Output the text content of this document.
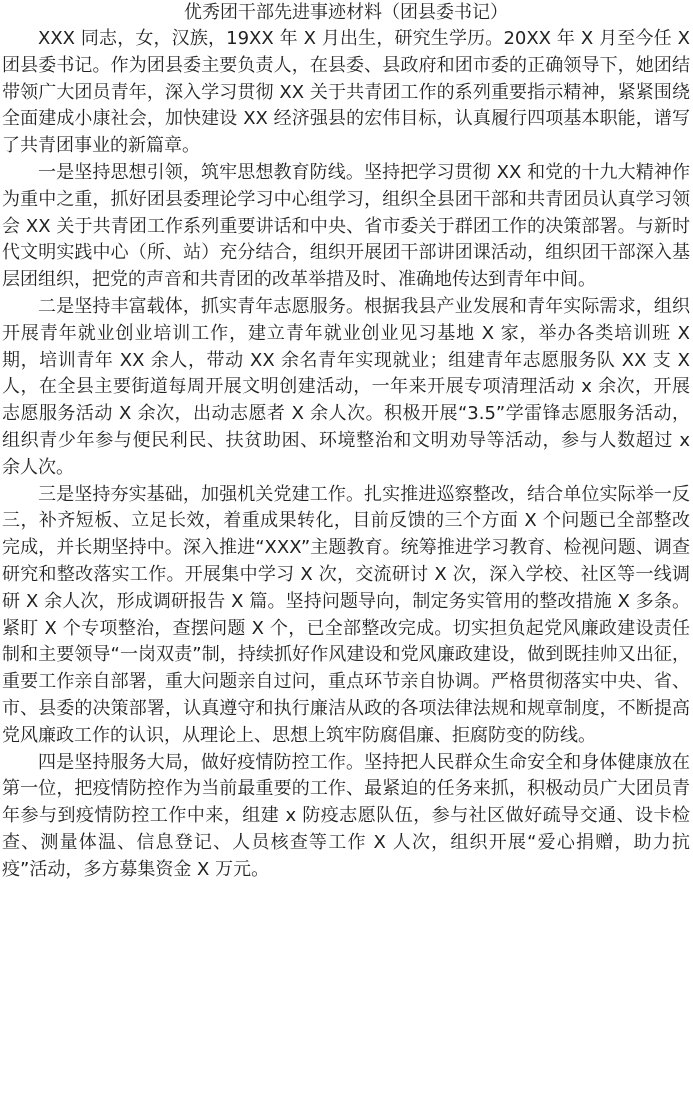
优秀团干部先进事迹材料（团县委书记）

XXX 同志，女，汉族，19XX 年 X 月出生，研究生学历。20XX 年 X 月至今任 X 团县委书记。作为团县委主要负责人，在县委、县政府和团市委的正确领导下，她团结带领广大团员青年，深入学习贯彻 XX 关于共青团工作的系列重要指示精神，紧紧围绕全面建成小康社会，加快建设 XX 经济强县的宏伟目标，认真履行四项基本职能，谱写了共青团事业的新篇章。

一是坚持思想引领，筑牢思想教育防线。坚持把学习贯彻 XX 和党的十九大精神作为重中之重，抓好团县委理论学习中心组学习，组织全县团干部和共青团员认真学习领会 XX 关于共青团工作系列重要讲话和中央、省市委关于群团工作的决策部署。与新时代文明实践中心（所、站）充分结合，组织开展团干部讲团课活动，组织团干部深入基层团组织，把党的声音和共青团的改革举措及时、准确地传达到青年中间。

二是坚持丰富载体，抓实青年志愿服务。根据我县产业发展和青年实际需求，组织开展青年就业创业培训工作，建立青年就业创业见习基地 X 家，举办各类培训班 X 期，培训青年 XX 余人，带动 XX 余名青年实现就业；组建青年志愿服务队 XX 支 X 人，在全县主要街道每周开展文明创建活动，一年来开展专项清理活动 x 余次，开展志愿服务活动 X 余次，出动志愿者 X 余人次。积极开展“3.5”学雷锋志愿服务活动，组织青少年参与便民利民、扶贫助困、环境整治和文明劝导等活动，参与人数超过 x 余人次。

三是坚持夯实基础，加强机关党建工作。扎实推进巡察整改，结合单位实际举一反三，补齐短板、立足长效，着重成果转化，目前反馈的三个方面 X 个问题已全部整改完成，并长期坚持中。深入推进“XXX”主题教育。统筹推进学习教育、检视问题、调查研究和整改落实工作。开展集中学习 X 次，交流研讨 X 次，深入学校、社区等一线调研 X 余人次，形成调研报告 X 篇。坚持问题导向，制定务实管用的整改措施 X 多条。紧盯 X 个专项整治，查摆问题 X 个，已全部整改完成。切实担负起党风廉政建设责任制和主要领导“一岗双责”制，持续抓好作风建设和党风廉政建设，做到既挂帅又出征，重要工作亲自部署，重大问题亲自过问，重点环节亲自协调。严格贯彻落实中央、省、市、县委的决策部署，认真遵守和执行廉洁从政的各项法律法规和规章制度，不断提高党风廉政工作的认识，从理论上、思想上筑牢防腐倡廉、拒腐防变的防线。

四是坚持服务大局，做好疫情防控工作。坚持把人民群众生命安全和身体健康放在第一位，把疫情防控作为当前最重要的工作、最紧迫的任务来抓，积极动员广大团员青年参与到疫情防控工作中来，组建 x 防疫志愿队伍，参与社区做好疏导交通、设卡检查、测量体温、信息登记、人员核查等工作 X 人次，组织开展“爱心捐赠，助力抗疫”活动，多方募集资金 X 万元。
